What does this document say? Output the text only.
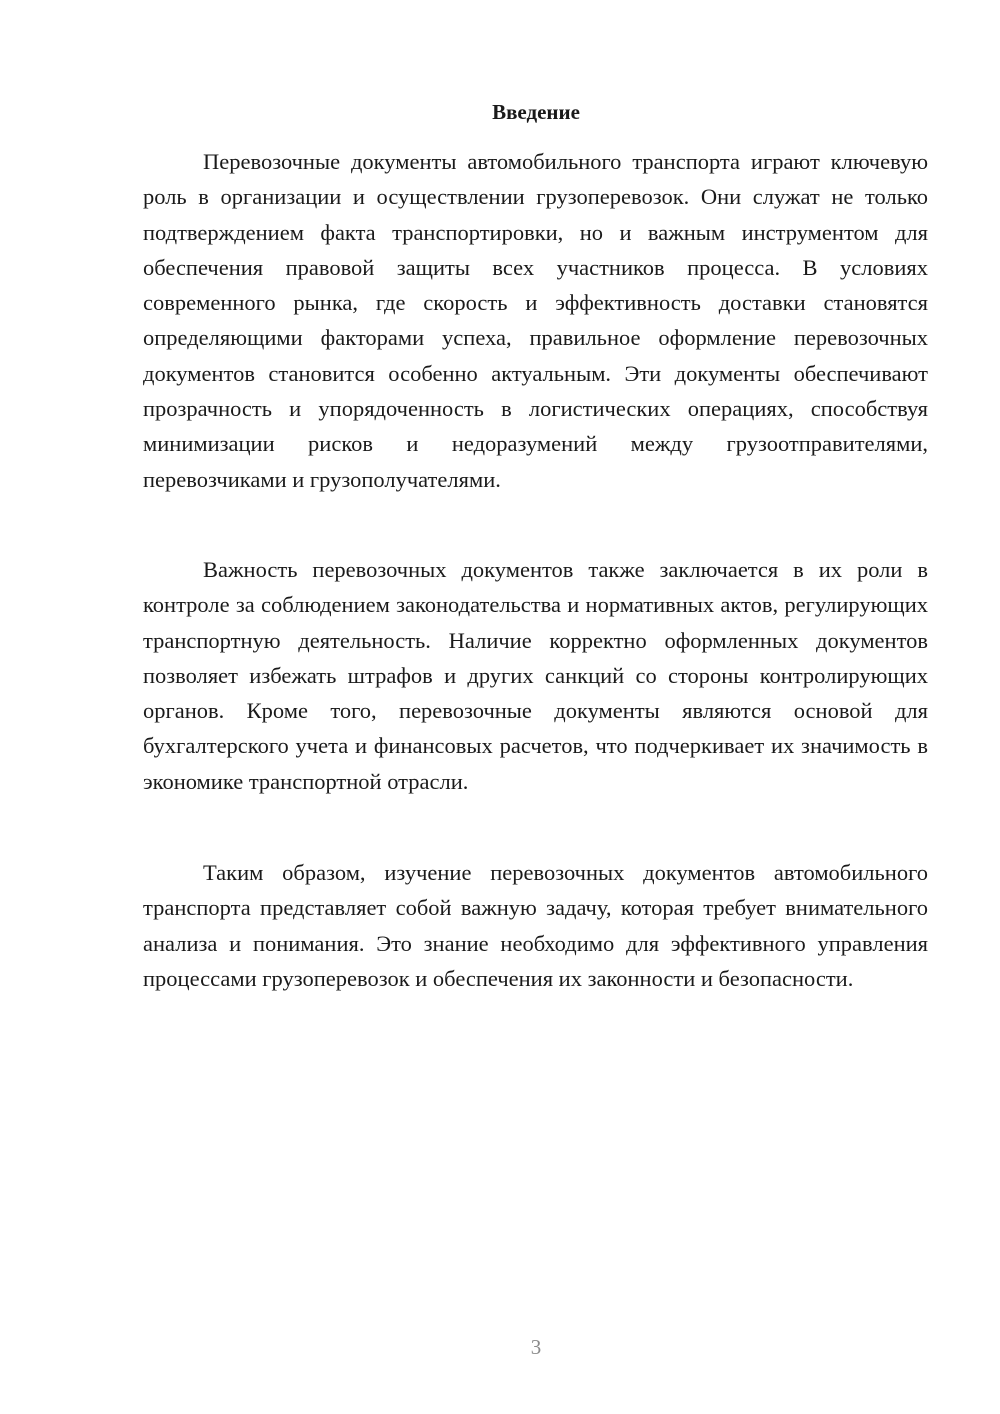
Введение

Перевозочные документы автомобильного транспорта играют ключевую роль в организации и осуществлении грузоперевозок. Они служат не только подтверждением факта транспортировки, но и важным инструментом для обеспечения правовой защиты всех участников процесса. В условиях современного рынка, где скорость и эффективность доставки становятся определяющими факторами успеха, правильное оформление перевозочных документов становится особенно актуальным. Эти документы обеспечивают прозрачность и упорядоченность в логистических операциях, способствуя минимизации рисков и недоразумений между грузоотправителями, перевозчиками и грузополучателями.

Важность перевозочных документов также заключается в их роли в контроле за соблюдением законодательства и нормативных актов, регулирующих транспортную деятельность. Наличие корректно оформленных документов позволяет избежать штрафов и других санкций со стороны контролирующих органов. Кроме того, перевозочные документы являются основой для бухгалтерского учета и финансовых расчетов, что подчеркивает их значимость в экономике транспортной отрасли.

Таким образом, изучение перевозочных документов автомобильного транспорта представляет собой важную задачу, которая требует внимательного анализа и понимания. Это знание необходимо для эффективного управления процессами грузоперевозок и обеспечения их законности и безопасности.

3
